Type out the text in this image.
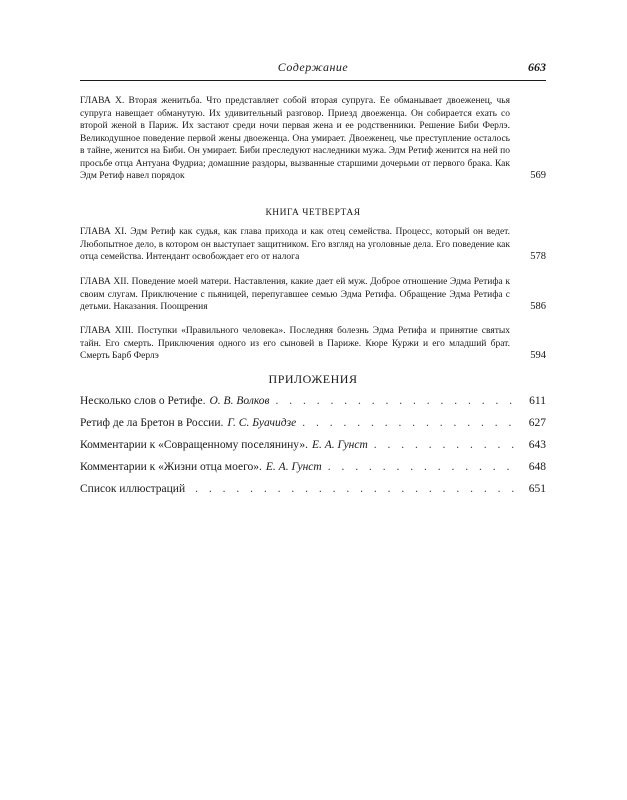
Содержание	663
ГЛАВА X. Вторая женитьба. Что представляет собой вторая супруга. Ее обманывает двоеженец, чья супруга навещает обманутую. Их удивительный разговор. Приезд двоеженца. Он собирается ехать со второй женой в Париж. Их застают среди ночи первая жена и ее родственники. Решение Биби Ферлэ. Великодушное поведение первой жены двоеженца. Она умирает. Двоеженец, чье преступление осталось в тайне, женится на Биби. Он умирает. Биби преследуют наследники мужа. Эдм Ретиф женится на ней по просьбе отца Антуана Фудриа; домашние раздоры, вызванные старшими дочерьми от первого брака. Как Эдм Ретиф навел порядок	569
КНИГА ЧЕТВЕРТАЯ
ГЛАВА XI. Эдм Ретиф как судья, как глава прихода и как отец семейства. Процесс, который он ведет. Любопытное дело, в котором он выступает защитником. Его взгляд на уголовные дела. Его поведение как отца семейства. Интендант освобождает его от налога	578
ГЛАВА XII. Поведение моей матери. Наставления, какие дает ей муж. Доброе отношение Эдма Ретифа к своим слугам. Приключение с пьяницей, перепугавшее семью Эдма Ретифа. Обращение Эдма Ретифа с детьми. Наказания. Поощрения	586
ГЛАВА XIII. Поступки «Правильного человека». Последняя болезнь Эдма Ретифа и принятие святых тайн. Его смерть. Приключения одного из его сыновей в Париже. Кюре Куржи и его младший брат. Смерть Барб Ферлэ	594
ПРИЛОЖЕНИЯ
Несколько слов о Ретифе. О. В. Волков . . .	611
Ретиф де ла Бретон в России. Г. С. Буачидзе . . .	627
Комментарии к «Совращенному поселянину». Е. А. Гунст . . .	643
Комментарии к «Жизни отца моего». Е. А. Гунст . . .	648
Список иллюстраций . . .	651
